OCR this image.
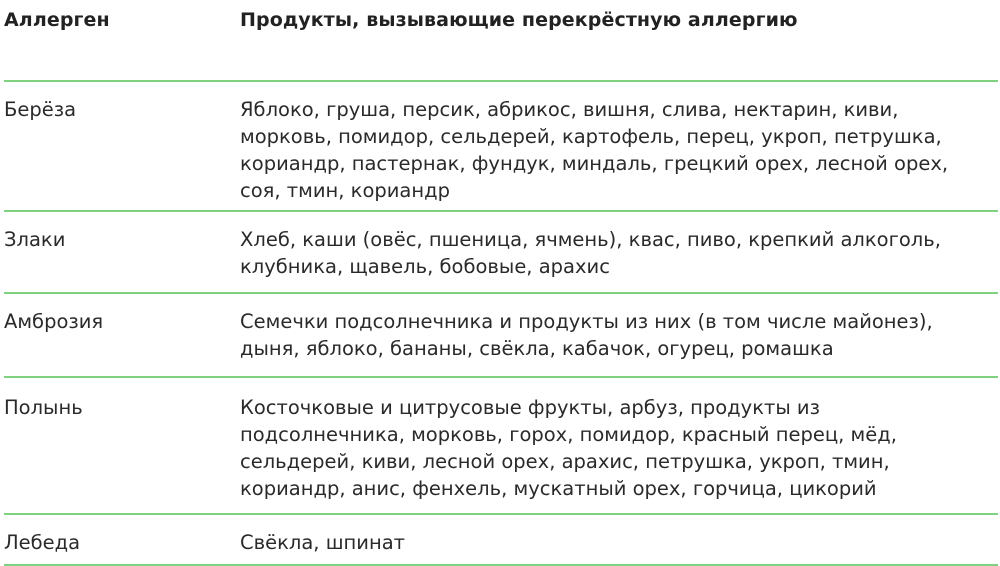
Аллерген	Продукты, вызывающие перекрёстную аллергию
Берёза	Яблоко, груша, персик, абрикос, вишня, слива, нектарин, киви, морковь, помидор, сельдерей, картофель, перец, укроп, петрушка, кориандр, пастернак, фундук, миндаль, грецкий орех, лесной орех, соя, тмин, кориандр
Злаки	Хлеб, каши (овёс, пшеница, ячмень), квас, пиво, крепкий алкоголь, клубника, щавель, бобовые, арахис
Амброзия	Семечки подсолнечника и продукты из них (в том числе майонез), дыня, яблоко, бананы, свёкла, кабачок, огурец, ромашка
Полынь	Косточковые и цитрусовые фрукты, арбуз, продукты из подсолнечника, морковь, горох, помидор, красный перец, мёд, сельдерей, киви, лесной орех, арахис, петрушка, укроп, тмин, кориандр, анис, фенхель, мускатный орех, горчица, цикорий
Лебеда	Свёкла, шпинат
